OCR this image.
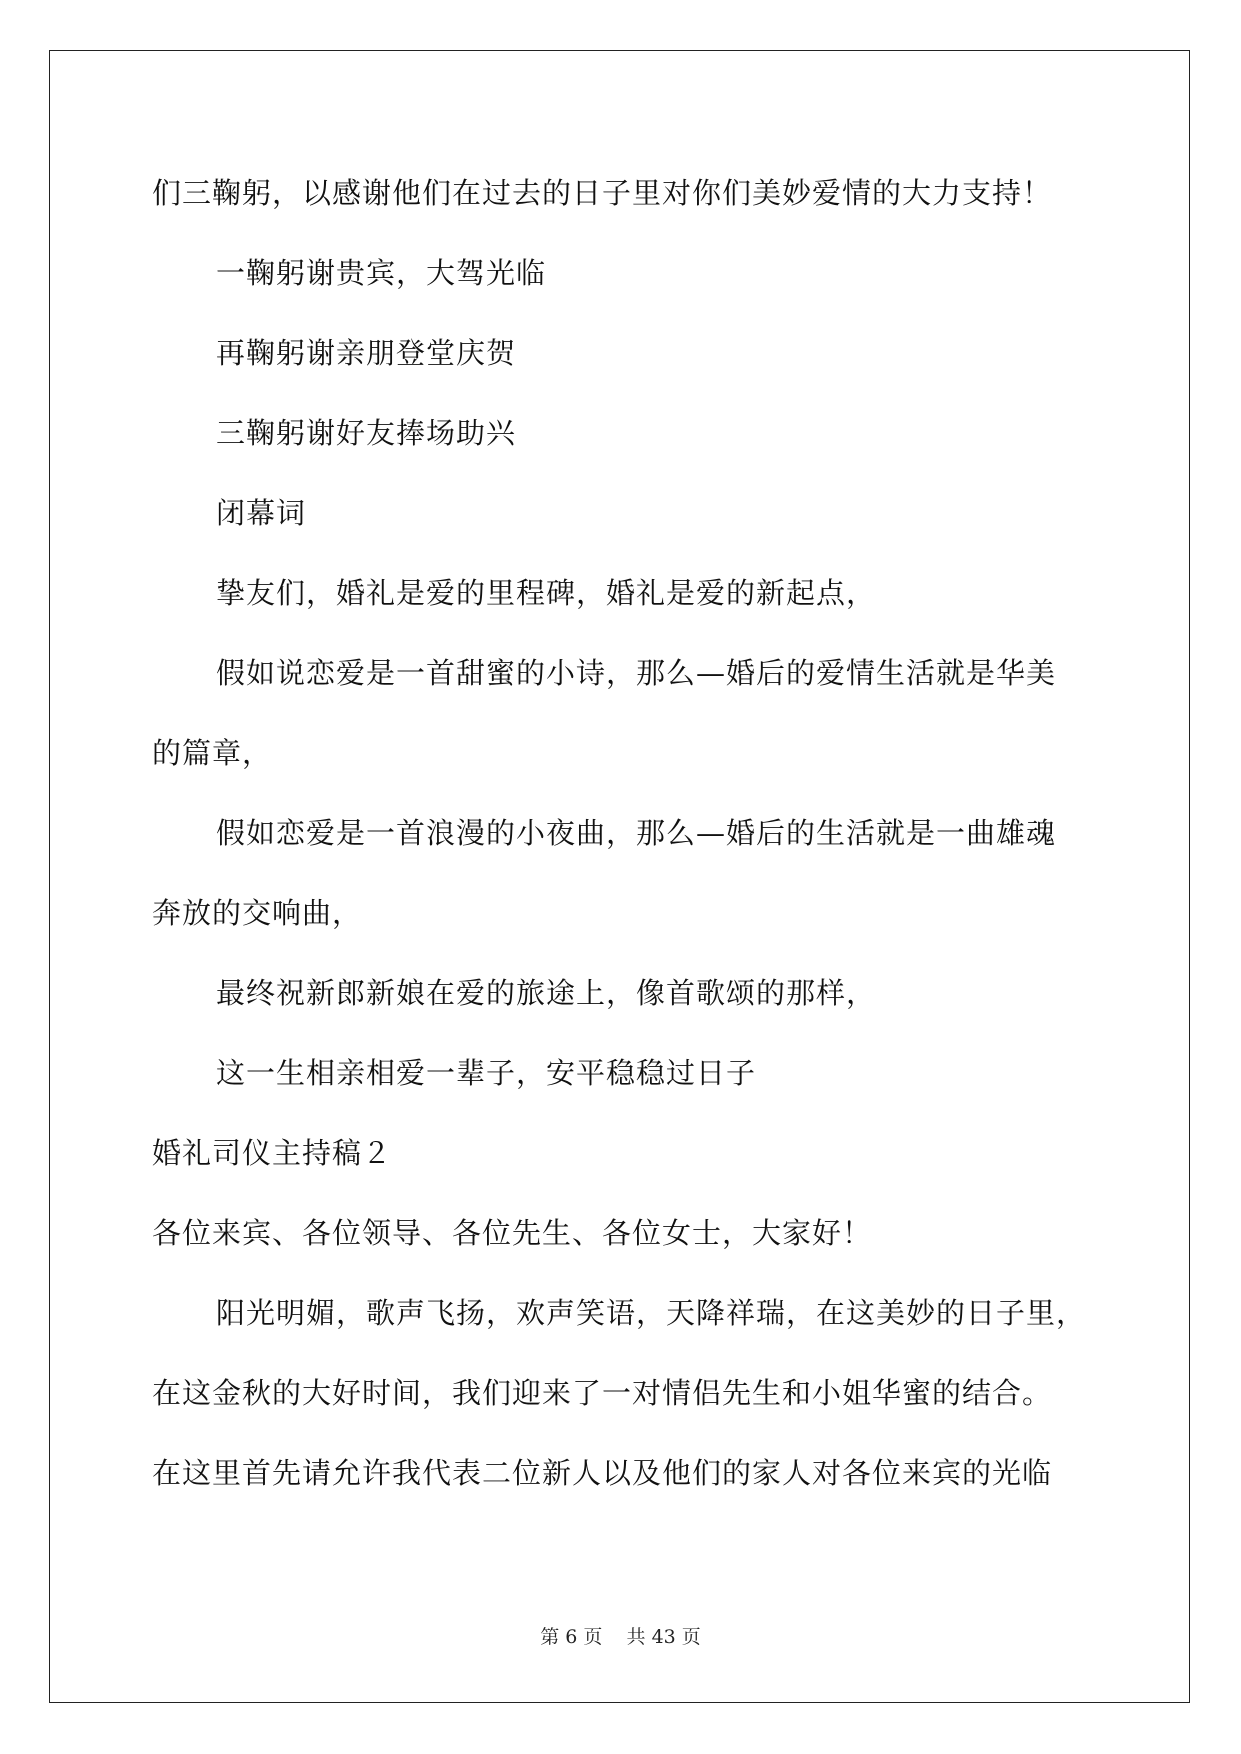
们三鞠躬，以感谢他们在过去的日子里对你们美妙爱情的大力支持！
一鞠躬谢贵宾，大驾光临
再鞠躬谢亲朋登堂庆贺
三鞠躬谢好友捧场助兴
闭幕词
挚友们，婚礼是爱的里程碑，婚礼是爱的新起点，
假如说恋爱是一首甜蜜的小诗，那么—婚后的爱情生活就是华美
的篇章，
假如恋爱是一首浪漫的小夜曲，那么—婚后的生活就是一曲雄魂
奔放的交响曲，
最终祝新郎新娘在爱的旅途上，像首歌颂的那样，
这一生相亲相爱一辈子，安平稳稳过日子
婚礼司仪主持稿２
各位来宾、各位领导、各位先生、各位女士，大家好！
阳光明媚，歌声飞扬，欢声笑语，天降祥瑞，在这美妙的日子里，
在这金秋的大好时间，我们迎来了一对情侣先生和小姐华蜜的结合。
在这里首先请允许我代表二位新人以及他们的家人对各位来宾的光临
第 6 页 共 43 页
